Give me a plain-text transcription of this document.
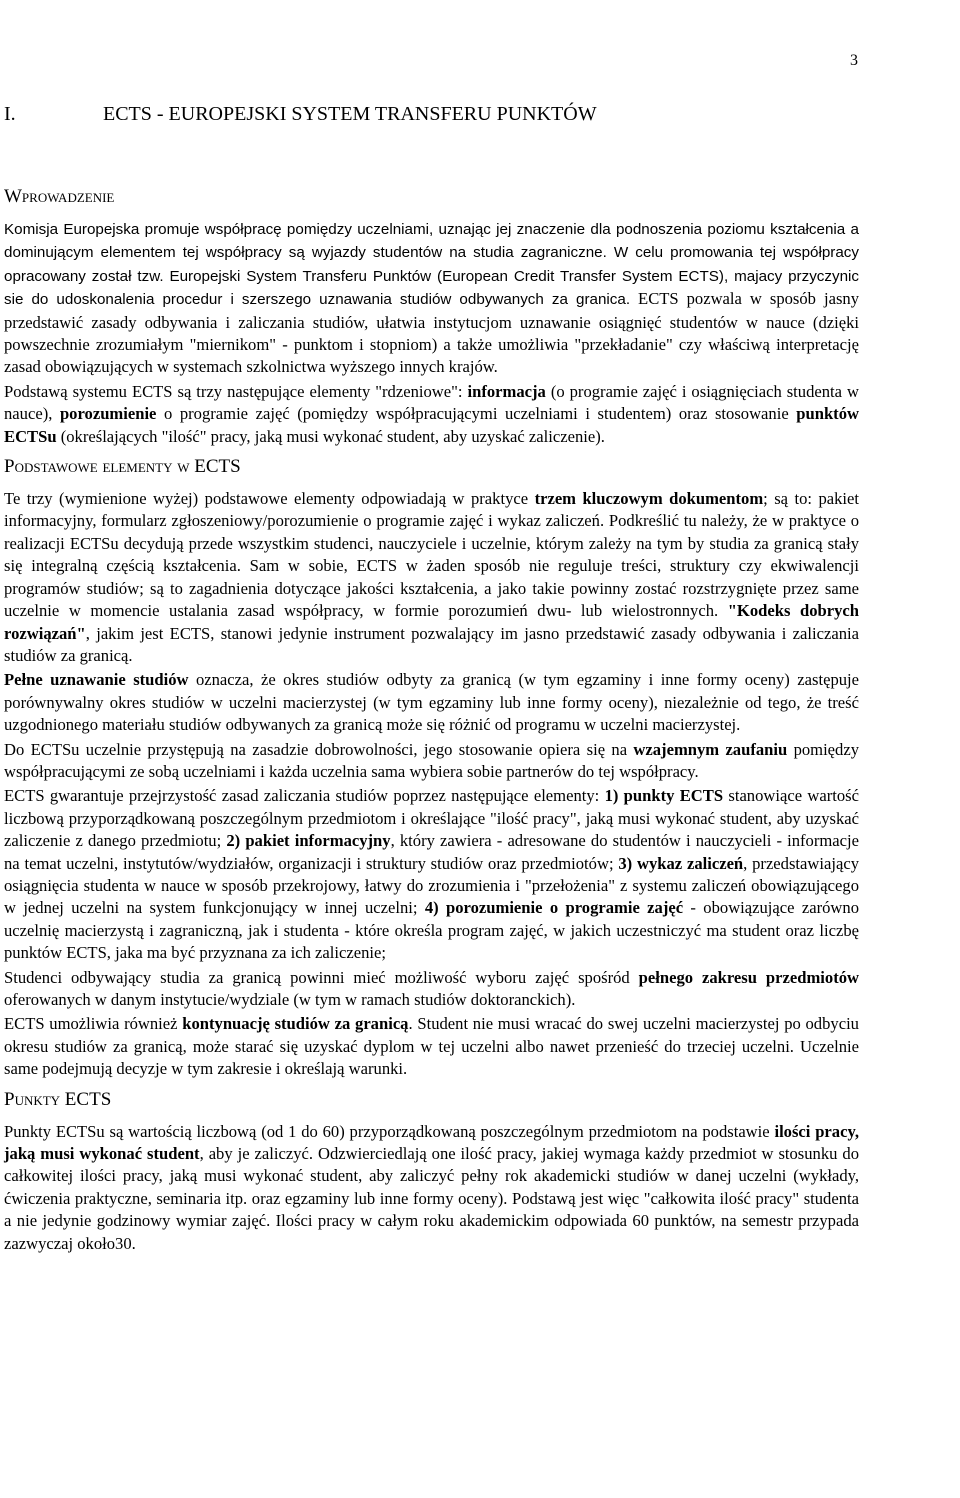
3
I.	ECTS - EUROPEJSKI SYSTEM TRANSFERU PUNKTÓW
Wprowadzenie

Komisja Europejska promuje współpracę pomiędzy uczelniami, uznając jej znaczenie dla podnoszenia poziomu kształcenia a dominującym elementem tej współpracy są wyjazdy studentów na studia zagraniczne. W celu promowania tej współpracy opracowany został tzw. Europejski System Transferu Punktów (European Credit Transfer System ECTS), majacy przyczynic sie do udoskonalenia procedur i szerszego uznawania studiów odbywanych za granica. ECTS pozwala w sposób jasny przedstawić zasady odbywania i zaliczania studiów, ułatwia instytucjom uznawanie osiągnięć studentów w nauce (dzięki powszechnie zrozumiałym "miernikom" - punktom i stopniom) a także umożliwia "przekładanie" czy właściwą interpretację zasad obowiązujących w systemach szkolnictwa wyższego innych krajów.

Podstawą systemu ECTS są trzy następujące elementy "rdzeniowe": informacja (o programie zajęć i osiągnięciach studenta w nauce), porozumienie o programie zajęć (pomiędzy współpracującymi uczelniami i studentem) oraz stosowanie punktów ECTSu (określających "ilość" pracy, jaką musi wykonać student, aby uzyskać zaliczenie).

Podstawowe elementy w ECTS

Te trzy (wymienione wyżej) podstawowe elementy odpowiadają w praktyce trzem kluczowym dokumentom; są to: pakiet informacyjny, formularz zgłoszeniowy/porozumienie o programie zajęć i wykaz zaliczeń. Podkreślić tu należy, że w praktyce o realizacji ECTSu decydują przede wszystkim studenci, nauczyciele i uczelnie, którym zależy na tym by studia za granicą stały się integralną częścią kształcenia. Sam w sobie, ECTS w żaden sposób nie reguluje treści, struktury czy ekwiwalencji programów studiów; są to zagadnienia dotyczące jakości kształcenia, a jako takie powinny zostać rozstrzygnięte przez same uczelnie w momencie ustalania zasad współpracy, w formie porozumień dwu- lub wielostronnych. "Kodeks dobrych rozwiązań", jakim jest ECTS, stanowi jedynie instrument pozwalający im jasno przedstawić zasady odbywania i zaliczania studiów za granicą.

Pełne uznawanie studiów oznacza, że okres studiów odbyty za granicą (w tym egzaminy i inne formy oceny) zastępuje porównywalny okres studiów w uczelni macierzystej (w tym egzaminy lub inne formy oceny), niezależnie od tego, że treść uzgodnionego materiału studiów odbywanych za granicą może się różnić od programu w uczelni macierzystej.

Do ECTSu uczelnie przystępują na zasadzie dobrowolności, jego stosowanie opiera się na wzajemnym zaufaniu pomiędzy współpracującymi ze sobą uczelniami i każda uczelnia sama wybiera sobie partnerów do tej współpracy.

ECTS gwarantuje przejrzystość zasad zaliczania studiów poprzez następujące elementy: 1) punkty ECTS stanowiące wartość liczbową przyporządkowaną poszczególnym przedmiotom i określające "ilość pracy", jaką musi wykonać student, aby uzyskać zaliczenie z danego przedmiotu; 2) pakiet informacyjny, który zawiera - adresowane do studentów i nauczycieli - informacje na temat uczelni, instytutów/wydziałów, organizacji i struktury studiów oraz przedmiotów; 3) wykaz zaliczeń, przedstawiający osiągnięcia studenta w nauce w sposób przekrojowy, łatwy do zrozumienia i "przełożenia" z systemu zaliczeń obowiązującego w jednej uczelni na system funkcjonujący w innej uczelni; 4) porozumienie o programie zajęć - obowiązujące zarówno uczelnię macierzystą i zagraniczną, jak i studenta - które określa program zajęć, w jakich uczestniczyć ma student oraz liczbę punktów ECTS, jaka ma być przyznana za ich zaliczenie;

Studenci odbywający studia za granicą powinni mieć możliwość wyboru zajęć spośród pełnego zakresu przedmiotów oferowanych w danym instytucie/wydziale (w tym w ramach studiów doktoranckich).

ECTS umożliwia również kontynuację studiów za granicą. Student nie musi wracać do swej uczelni macierzystej po odbyciu okresu studiów za granicą, może starać się uzyskać dyplom w tej uczelni albo nawet przenieść do trzeciej uczelni. Uczelnie same podejmują decyzje w tym zakresie i określają warunki.

Punkty ECTS

Punkty ECTSu są wartością liczbową (od 1 do 60) przyporządkowaną poszczególnym przedmiotom na podstawie ilości pracy, jaką musi wykonać student, aby je zaliczyć. Odzwierciedlają one ilość pracy, jakiej wymaga każdy przedmiot w stosunku do całkowitej ilości pracy, jaką musi wykonać student, aby zaliczyć pełny rok akademicki studiów w danej uczelni (wykłady, ćwiczenia praktyczne, seminaria itp. oraz egzaminy lub inne formy oceny). Podstawą jest więc "całkowita ilość pracy" studenta a nie jedynie godzinowy wymiar zajęć. Ilości pracy w całym roku akademickim odpowiada 60 punktów, na semestr przypada zazwyczaj około30.
